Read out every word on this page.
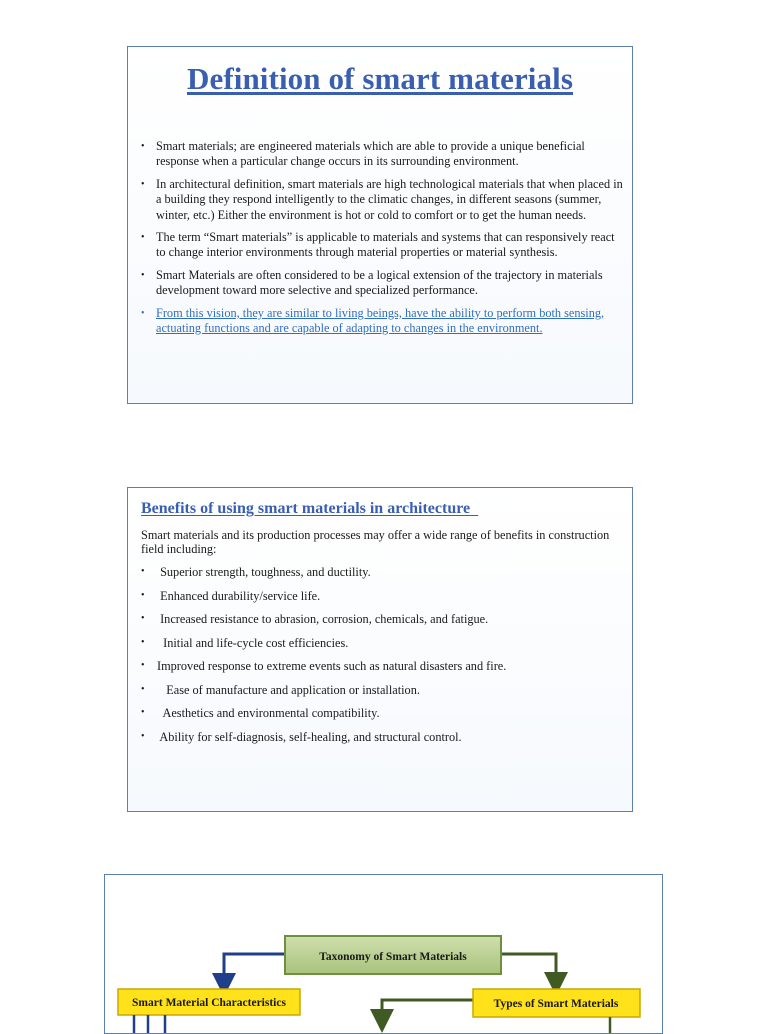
Definition of smart materials
• Smart materials; are engineered materials which are able to provide a unique beneficial response when a particular change occurs in its surrounding environment.
• In architectural definition, smart materials are high technological materials that when placed in a building they respond intelligently to the climatic changes, in different seasons (summer, winter, etc.) Either the environment is hot or cold to comfort or to get the human needs.
• The term “Smart materials” is applicable to materials and systems that can responsively react to change interior environments through material properties or material synthesis.
• Smart Materials are often considered to be a logical extension of the trajectory in materials development toward more selective and specialized performance.
• From this vision, they are similar to living beings, have the ability to perform both sensing, actuating functions and are capable of adapting to changes in the environment.
Benefits of using smart materials in architecture

Smart materials and its production processes may offer a wide range of benefits in construction field including:

• Superior strength, toughness, and ductility.
• Enhanced durability/service life.
• Increased resistance to abrasion, corrosion, chemicals, and fatigue.
• Initial and life-cycle cost efficiencies.
• Improved response to extreme events such as natural disasters and fire.
• Ease of manufacture and application or installation.
• Aesthetics and environmental compatibility.
• Ability for self-diagnosis, self-healing, and structural control.
Taxonomy of Smart Materials
Smart Material Characteristics	Types of Smart Materials
